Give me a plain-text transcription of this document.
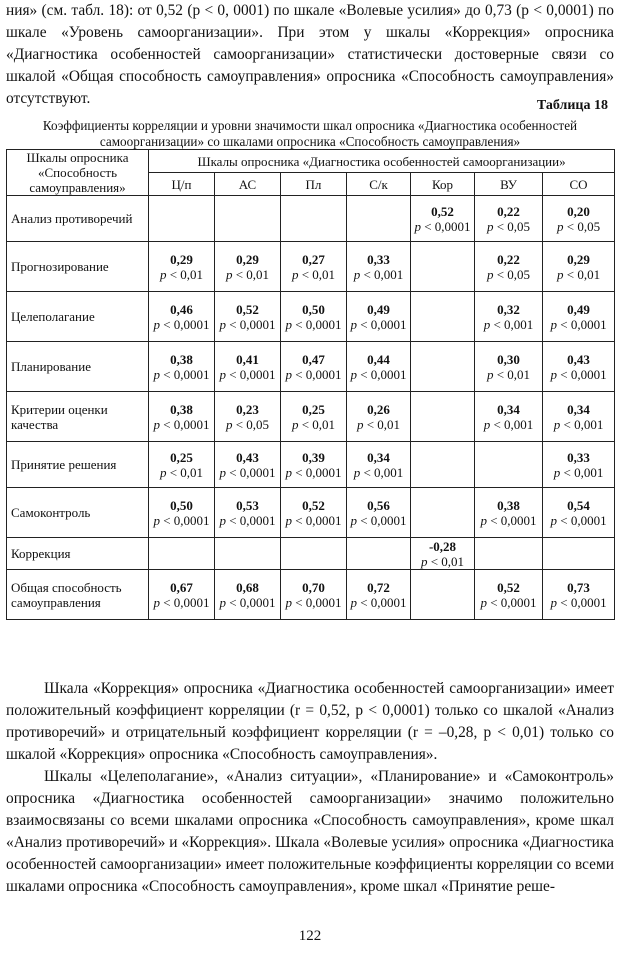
ния» (см. табл. 18): от 0,52 (p < 0, 0001) по шкале «Волевые усилия» до 0,73 (p < 0,0001) по шкале «Уровень самоорганизации». При этом у шкалы «Коррекция» опросника «Диагностика особенностей самоорганизации» статистически достоверные связи со шкалой «Общая способность самоуправления» опросника «Способность самоуправления» отсутствуют.	Таблица 18
Коэффициенты корреляции и уровни значимости шкал опросника «Диагностика особенностей самоорганизации» со шкалами опросника «Способность самоуправления»
Шкалы опросника «Способность самоуправления»	Шкалы опросника «Диагностика особенностей самоорганизации»						
	Ц/п	АС	Пл	С/к	Кор	ВУ	СО
Анализ противоречий					0,52
p < 0,0001	0,22
p < 0,05	0,20
p < 0,05

Прогнозирование	0,29
p < 0,01	0,29
p < 0,01	0,27
p < 0,01	0,33
p < 0,001		0,22
p < 0,05	0,29
p < 0,01

Целеполагание	0,46
p < 0,0001	0,52
p < 0,0001	0,50
p < 0,0001	0,49
p < 0,0001		0,32
p < 0,001	0,49
p < 0,0001

Планирование	0,38
p < 0,0001	0,41
p < 0,0001	0,47
p < 0,0001	0,44
p < 0,0001		0,30
p < 0,01	0,43
p < 0,0001

Критерии оценки качества	0,38
p < 0,0001	0,23
p < 0,05	0,25
p < 0,01	0,26
p < 0,01		0,34
p < 0,001	0,34
p < 0,001

Принятие решения	0,25
p < 0,01	0,43
p < 0,0001	0,39
p < 0,0001	0,34
p < 0,001			0,33
p < 0,001

Самоконтроль	0,50
p < 0,0001	0,53
p < 0,0001	0,52
p < 0,0001	0,56
p < 0,0001		0,38
p < 0,0001	0,54
p < 0,0001

Коррекция					-0,28
p < 0,01		

Общая способность самоуправления	0,67
p < 0,0001	0,68
p < 0,0001	0,70
p < 0,0001	0,72
p < 0,0001		0,52
p < 0,0001	0,73
p < 0,0001

Шкала «Коррекция» опросника «Диагностика особенностей самоорганизации» имеет положительный коэффициент корреляции (r = 0,52, p < 0,0001) только со шкалой «Анализ противоречий» и отрицательный коэффициент корреляции (r = –0,28, p < 0,01) только со шкалой «Коррекция» опросника «Способность самоуправления».

Шкалы «Целеполагание», «Анализ ситуации», «Планирование» и «Самоконтроль» опросника «Диагностика особенностей самоорганизации» значимо положительно взаимосвязаны со всеми шкалами опросника «Способность самоуправления», кроме шкал «Анализ противоречий» и «Коррекция». Шкала «Волевые усилия» опросника «Диагностика особенностей самоорганизации» имеет положительные коэффициенты корреляции со всеми шкалами опросника «Способность самоуправления», кроме шкал «Принятие реше-

122
